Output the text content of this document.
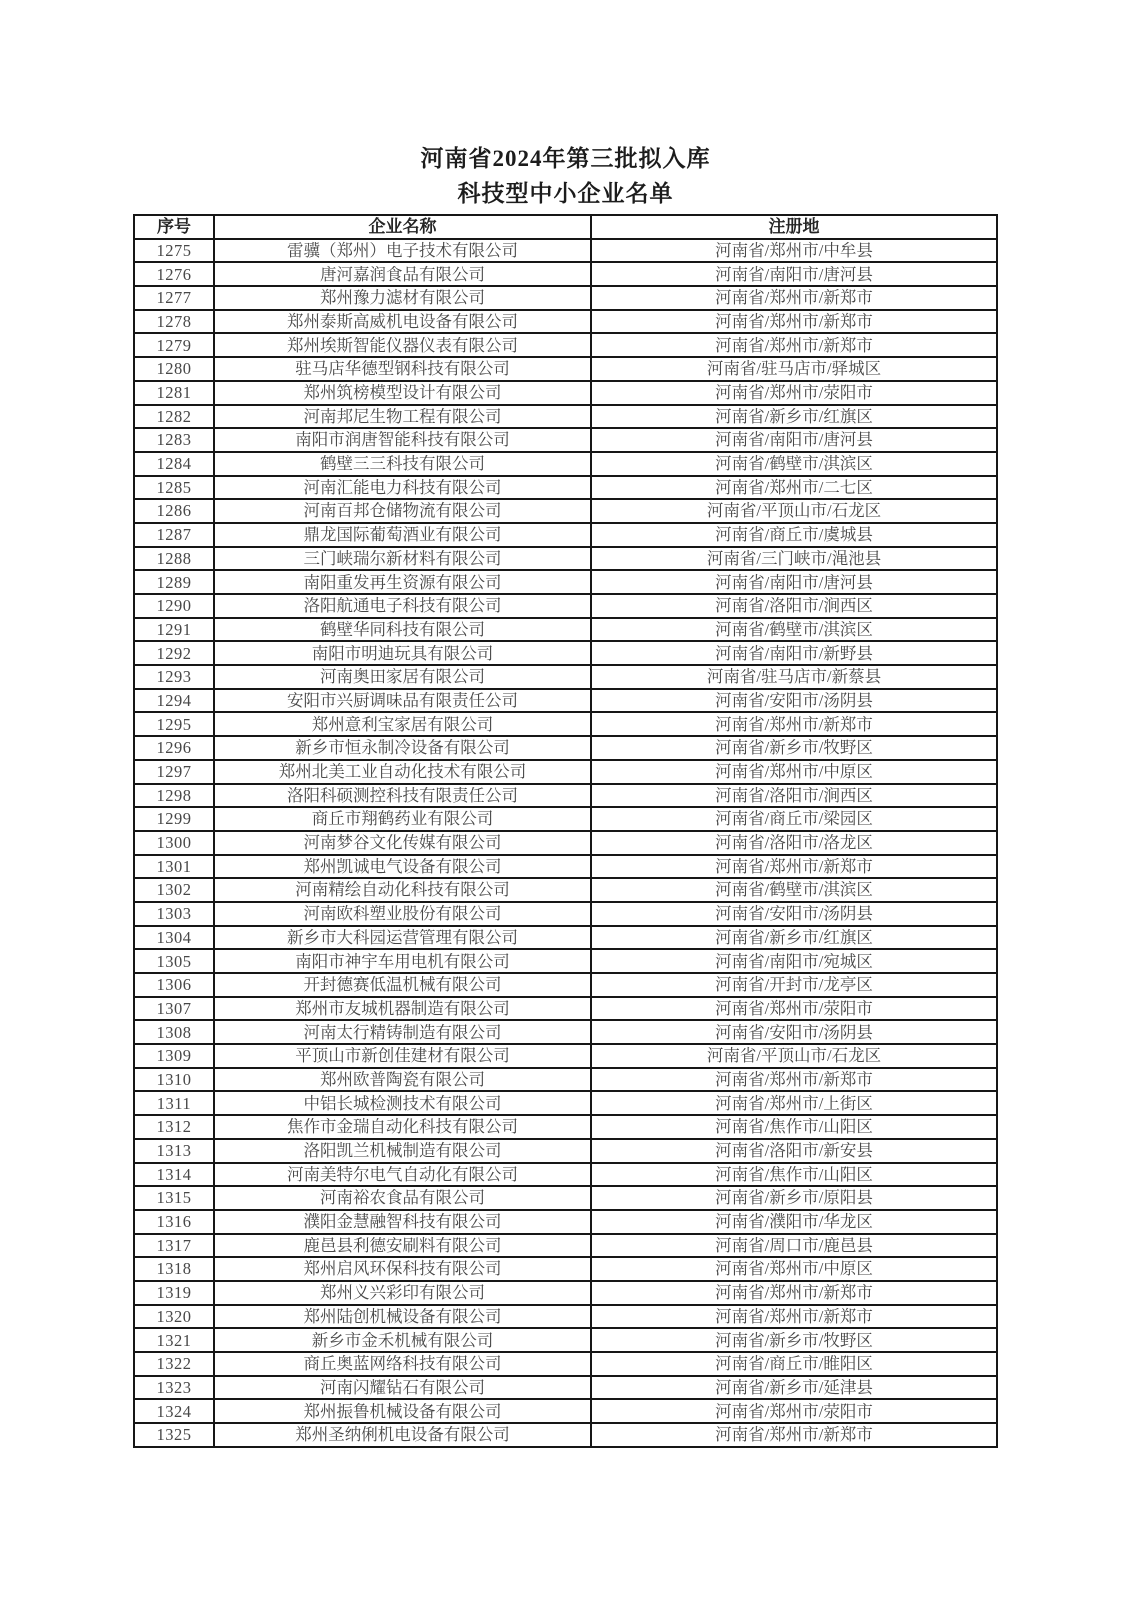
河南省2024年第三批拟入库
科技型中小企业名单
序号	企业名称	注册地
1275	雷骥（郑州）电子技术有限公司	河南省/郑州市/中牟县
1276	唐河嘉润食品有限公司	河南省/南阳市/唐河县
1277	郑州豫力滤材有限公司	河南省/郑州市/新郑市
1278	郑州泰斯高威机电设备有限公司	河南省/郑州市/新郑市
1279	郑州埃斯智能仪器仪表有限公司	河南省/郑州市/新郑市
1280	驻马店华德型钢科技有限公司	河南省/驻马店市/驿城区
1281	郑州筑榜模型设计有限公司	河南省/郑州市/荥阳市
1282	河南邦尼生物工程有限公司	河南省/新乡市/红旗区
1283	南阳市润唐智能科技有限公司	河南省/南阳市/唐河县
1284	鹤壁三三科技有限公司	河南省/鹤壁市/淇滨区
1285	河南汇能电力科技有限公司	河南省/郑州市/二七区
1286	河南百邦仓储物流有限公司	河南省/平顶山市/石龙区
1287	鼎龙国际葡萄酒业有限公司	河南省/商丘市/虞城县
1288	三门峡瑞尔新材料有限公司	河南省/三门峡市/渑池县
1289	南阳重发再生资源有限公司	河南省/南阳市/唐河县
1290	洛阳航通电子科技有限公司	河南省/洛阳市/涧西区
1291	鹤壁华同科技有限公司	河南省/鹤壁市/淇滨区
1292	南阳市明迪玩具有限公司	河南省/南阳市/新野县
1293	河南奥田家居有限公司	河南省/驻马店市/新蔡县
1294	安阳市兴厨调味品有限责任公司	河南省/安阳市/汤阴县
1295	郑州意利宝家居有限公司	河南省/郑州市/新郑市
1296	新乡市恒永制冷设备有限公司	河南省/新乡市/牧野区
1297	郑州北美工业自动化技术有限公司	河南省/郑州市/中原区
1298	洛阳科硕测控科技有限责任公司	河南省/洛阳市/涧西区
1299	商丘市翔鹤药业有限公司	河南省/商丘市/梁园区
1300	河南梦谷文化传媒有限公司	河南省/洛阳市/洛龙区
1301	郑州凯诚电气设备有限公司	河南省/郑州市/新郑市
1302	河南精绘自动化科技有限公司	河南省/鹤壁市/淇滨区
1303	河南欧科塑业股份有限公司	河南省/安阳市/汤阴县
1304	新乡市大科园运营管理有限公司	河南省/新乡市/红旗区
1305	南阳市神宇车用电机有限公司	河南省/南阳市/宛城区
1306	开封德赛低温机械有限公司	河南省/开封市/龙亭区
1307	郑州市友城机器制造有限公司	河南省/郑州市/荥阳市
1308	河南太行精铸制造有限公司	河南省/安阳市/汤阴县
1309	平顶山市新创佳建材有限公司	河南省/平顶山市/石龙区
1310	郑州欧普陶瓷有限公司	河南省/郑州市/新郑市
1311	中铝长城检测技术有限公司	河南省/郑州市/上街区
1312	焦作市金瑞自动化科技有限公司	河南省/焦作市/山阳区
1313	洛阳凯兰机械制造有限公司	河南省/洛阳市/新安县
1314	河南美特尔电气自动化有限公司	河南省/焦作市/山阳区
1315	河南裕农食品有限公司	河南省/新乡市/原阳县
1316	濮阳金慧融智科技有限公司	河南省/濮阳市/华龙区
1317	鹿邑县利德安刷料有限公司	河南省/周口市/鹿邑县
1318	郑州启风环保科技有限公司	河南省/郑州市/中原区
1319	郑州义兴彩印有限公司	河南省/郑州市/新郑市
1320	郑州陆创机械设备有限公司	河南省/郑州市/新郑市
1321	新乡市金禾机械有限公司	河南省/新乡市/牧野区
1322	商丘奥蓝网络科技有限公司	河南省/商丘市/睢阳区
1323	河南闪耀钻石有限公司	河南省/新乡市/延津县
1324	郑州振鲁机械设备有限公司	河南省/郑州市/荥阳市
1325	郑州圣纳俐机电设备有限公司	河南省/郑州市/新郑市
